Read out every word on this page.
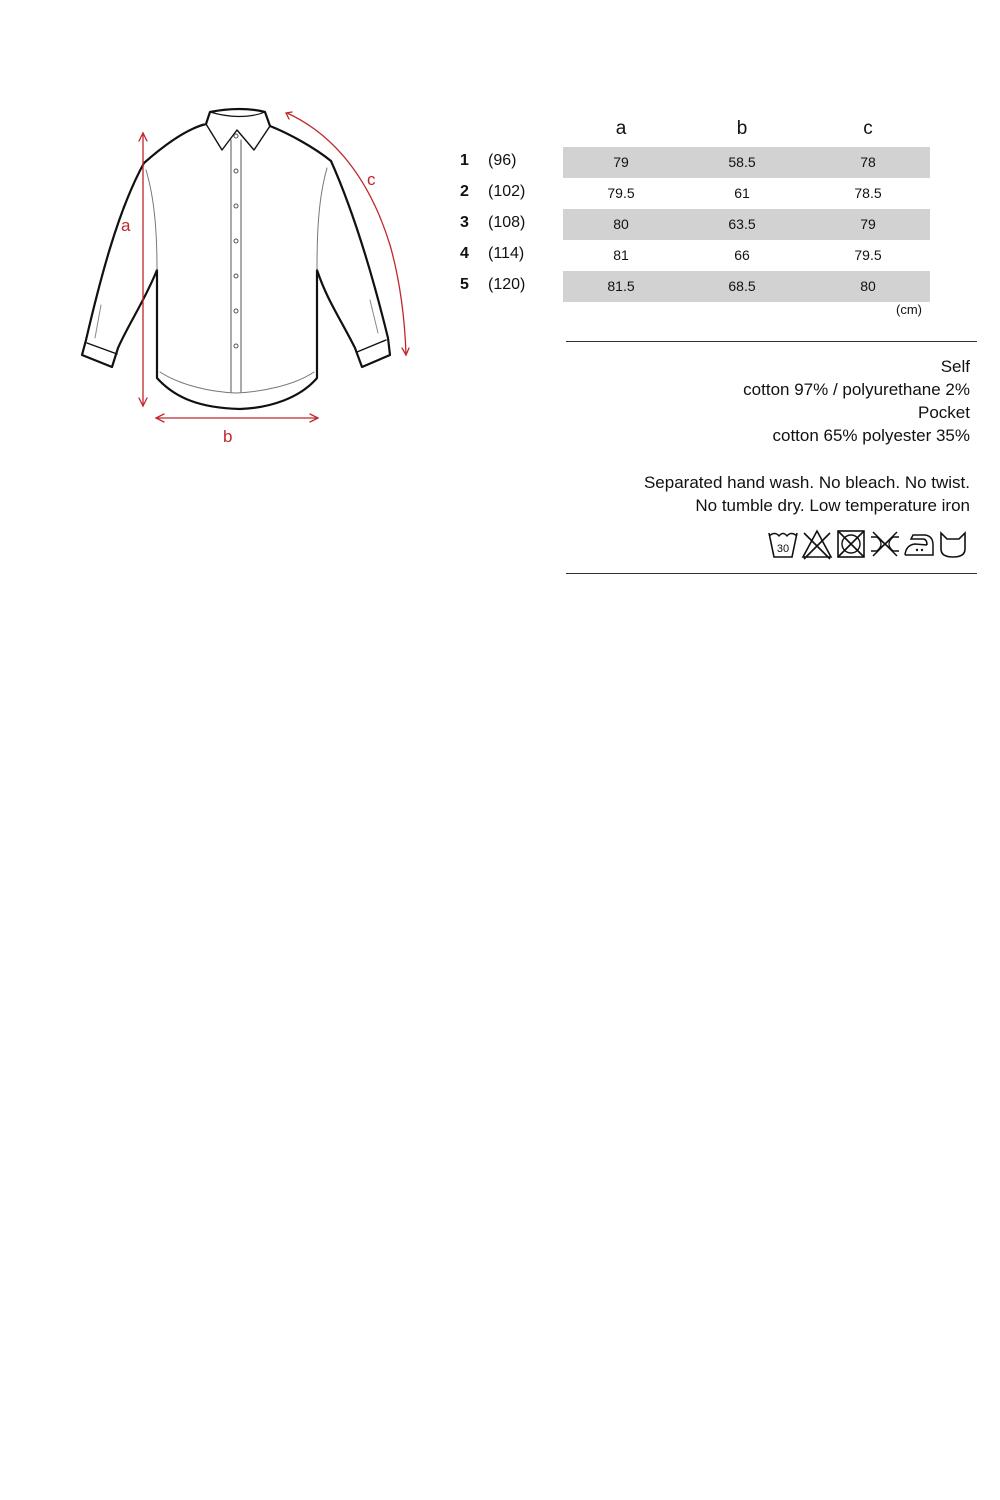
a
b
c
a	b	c
1 (96)	79	58.5	78
2 (102)	79.5	61	78.5
3 (108)	80	63.5	79
4 (114)	81	66	79.5
5 (120)	81.5	68.5	80
(cm)
Self
cotton 97% / polyurethane 2%
Pocket
cotton 65% polyester 35%
Separated hand wash. No bleach. No twist.
No tumble dry. Low temperature iron
30
